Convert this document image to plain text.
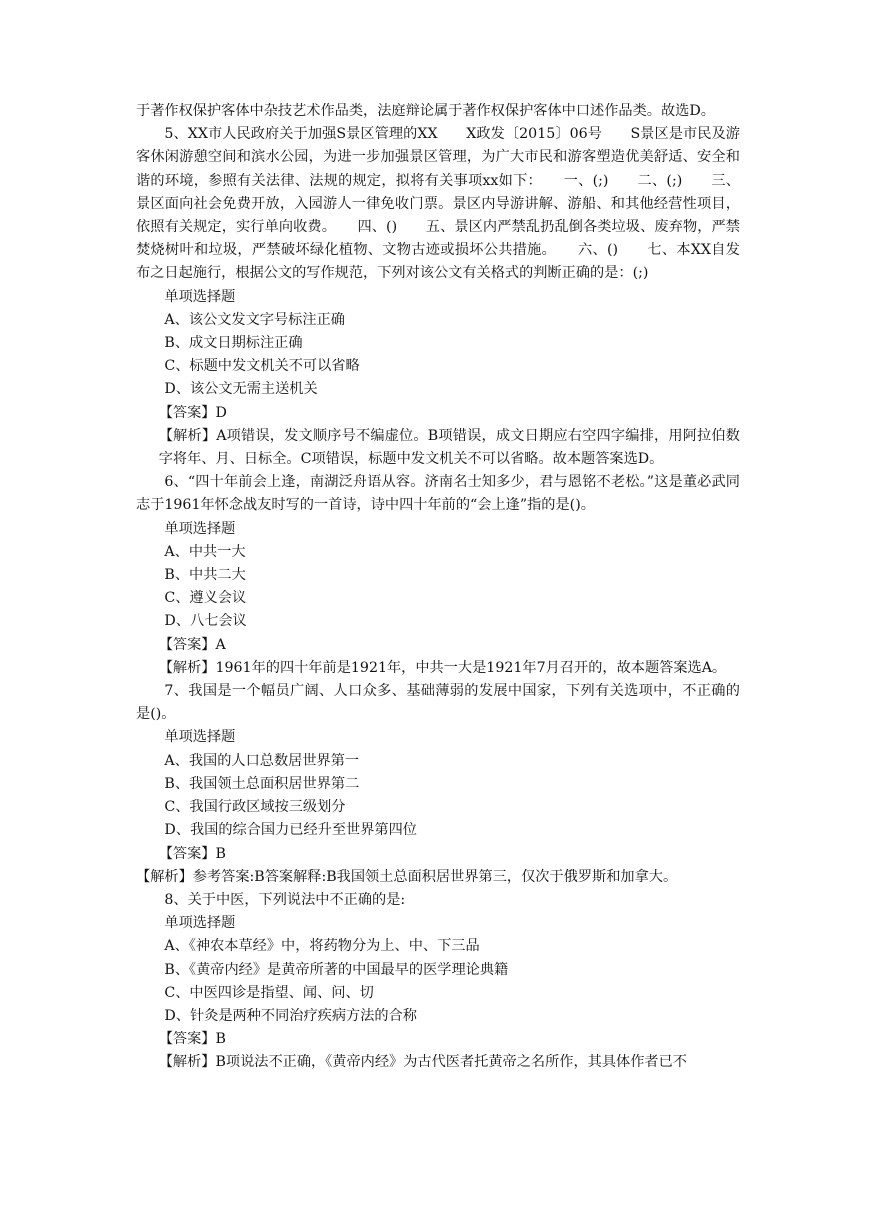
于著作权保护客体中杂技艺术作品类，法庭辩论属于著作权保护客体中口述作品类。故选D。

5、XX市人民政府关于加强S景区管理的XX　　X政发〔2015〕06号　　S景区是市民及游客休闲游憩空间和滨水公园，为进一步加强景区管理，为广大市民和游客塑造优美舒适、安全和谐的环境，参照有关法律、法规的规定，拟将有关事项xx如下：　　一、(;)　　二、(;)　　三、景区面向社会免费开放，入园游人一律免收门票。景区内导游讲解、游船、和其他经营性项目，依照有关规定，实行单向收费。　　四、()　　五、景区内严禁乱扔乱倒各类垃圾、废弃物，严禁焚烧树叶和垃圾，严禁破坏绿化植物、文物古迹或损坏公共措施。　　六、()　　七、本XX自发布之日起施行，根据公文的写作规范，下列对该公文有关格式的判断正确的是：(;)

单项选择题

A、该公文发文字号标注正确

B、成文日期标注正确

C、标题中发文机关不可以省略

D、该公文无需主送机关

【答案】D

【解析】A项错误，发文顺序号不编虚位。B项错误，成文日期应右空四字编排，用阿拉伯数字将年、月、日标全。C项错误，标题中发文机关不可以省略。故本题答案选D。

6、“四十年前会上逢，南湖泛舟语从容。济南名士知多少，君与恩铭不老松。”这是董必武同志于1961年怀念战友时写的一首诗，诗中四十年前的“会上逢”指的是()。

单项选择题

A、中共一大

B、中共二大

C、遵义会议

D、八七会议

【答案】A

【解析】1961年的四十年前是1921年，中共一大是1921年7月召开的，故本题答案选A。

7、我国是一个幅员广阔、人口众多、基础薄弱的发展中国家，下列有关选项中，不正确的是()。

单项选择题

A、我国的人口总数居世界第一

B、我国领土总面积居世界第二

C、我国行政区域按三级划分

D、我国的综合国力已经升至世界第四位

【答案】B

【解析】参考答案:B答案解释:B我国领土总面积居世界第三，仅次于俄罗斯和加拿大。

8、关于中医，下列说法中不正确的是:

单项选择题

A、《神农本草经》中，将药物分为上、中、下三品

B、《黄帝内经》是黄帝所著的中国最早的医学理论典籍

C、中医四诊是指望、闻、问、切

D、针灸是两种不同治疗疾病方法的合称

【答案】B

【解析】B项说法不正确，《黄帝内经》为古代医者托黄帝之名所作，其具体作者已不
